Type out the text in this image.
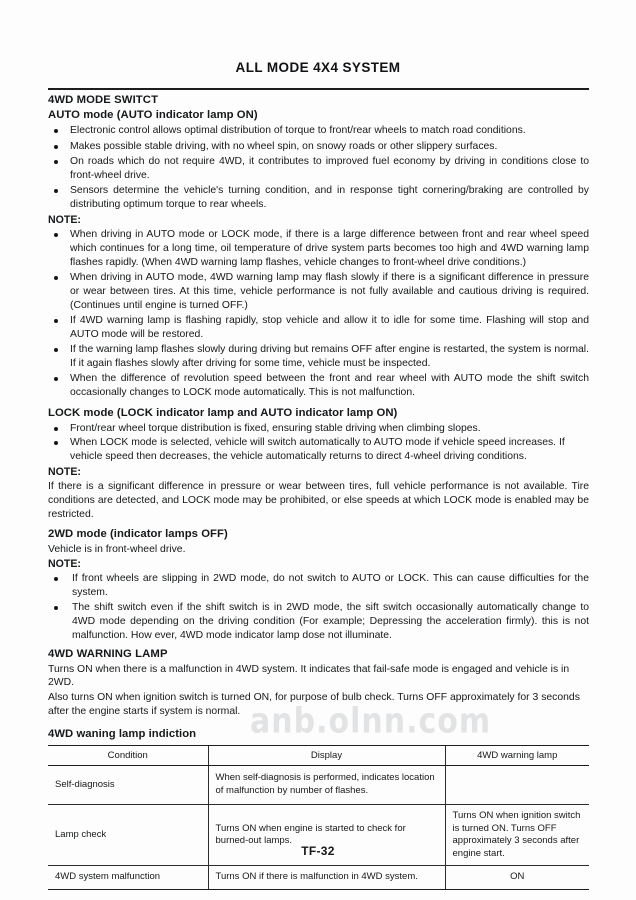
ALL MODE 4X4 SYSTEM
4WD MODE SWITCT
AUTO mode (AUTO indicator lamp ON)
Electronic control allows optimal distribution of torque to front/rear wheels to match road conditions.
Makes possible stable driving, with no wheel spin, on snowy roads or other slippery surfaces.
On roads which do not require 4WD, it contributes to improved fuel economy by driving in conditions close to front-wheel drive.
Sensors determine the vehicle's turning condition, and in response tight cornering/braking are controlled by distributing optimum torque to rear wheels.
NOTE:
When driving in AUTO mode or LOCK mode, if there is a large difference between front and rear wheel speed which continues for a long time, oil temperature of drive system parts becomes too high and 4WD warning lamp flashes rapidly. (When 4WD warning lamp flashes, vehicle changes to front-wheel drive conditions.)
When driving in AUTO mode, 4WD warning lamp may flash slowly if there is a significant difference in pressure or wear between tires. At this time, vehicle performance is not fully available and cautious driving is required. (Continues until engine is turned OFF.)
If 4WD warning lamp is flashing rapidly, stop vehicle and allow it to idle for some time. Flashing will stop and AUTO mode will be restored.
If the warning lamp flashes slowly during driving but remains OFF after engine is restarted, the system is normal. If it again flashes slowly after driving for some time, vehicle must be inspected.
When the difference of revolution speed between the front and rear wheel with AUTO mode the shift switch occasionally changes to LOCK mode automatically. This is not malfunction.
LOCK mode (LOCK indicator lamp and AUTO indicator lamp ON)
Front/rear wheel torque distribution is fixed, ensuring stable driving when climbing slopes.
When LOCK mode is selected, vehicle will switch automatically to AUTO mode if vehicle speed increases. If vehicle speed then decreases, the vehicle automatically returns to direct 4-wheel driving conditions.
NOTE:

If there is a significant difference in pressure or wear between tires, full vehicle performance is not available. Tire conditions are detected, and LOCK mode may be prohibited, or else speeds at which LOCK mode is enabled may be restricted.

2WD mode (indicator lamps OFF)

Vehicle is in front-wheel drive.

NOTE:
If front wheels are slipping in 2WD mode, do not switch to AUTO or LOCK. This can cause difficulties for the system.
The shift switch even if the shift switch is in 2WD mode, the sift switch occasionally automatically change to 4WD mode depending on the driving condition (For example; Depressing the acceleration firmly). this is not malfunction. How ever, 4WD mode indicator lamp dose not illuminate.
4WD WARNING LAMP

Turns ON when there is a malfunction in 4WD system. It indicates that fail-safe mode is engaged and vehicle is in 2WD.

Also turns ON when ignition switch is turned ON, for purpose of bulb check. Turns OFF approximately for 3 seconds after the engine starts if system is normal.

4WD waning lamp indiction
Condition	Display	4WD warning lamp
Self-diagnosis	When self-diagnosis is performed, indicates location of malfunction by number of flashes.	
Lamp check	Turns ON when engine is started to check for burned-out lamps.	Turns ON when ignition switch is turned ON. Turns OFF approximately 3 seconds after engine start.
4WD system malfunction	Turns ON if there is malfunction in 4WD system.	ON
anb.olnn.com
TF-32
